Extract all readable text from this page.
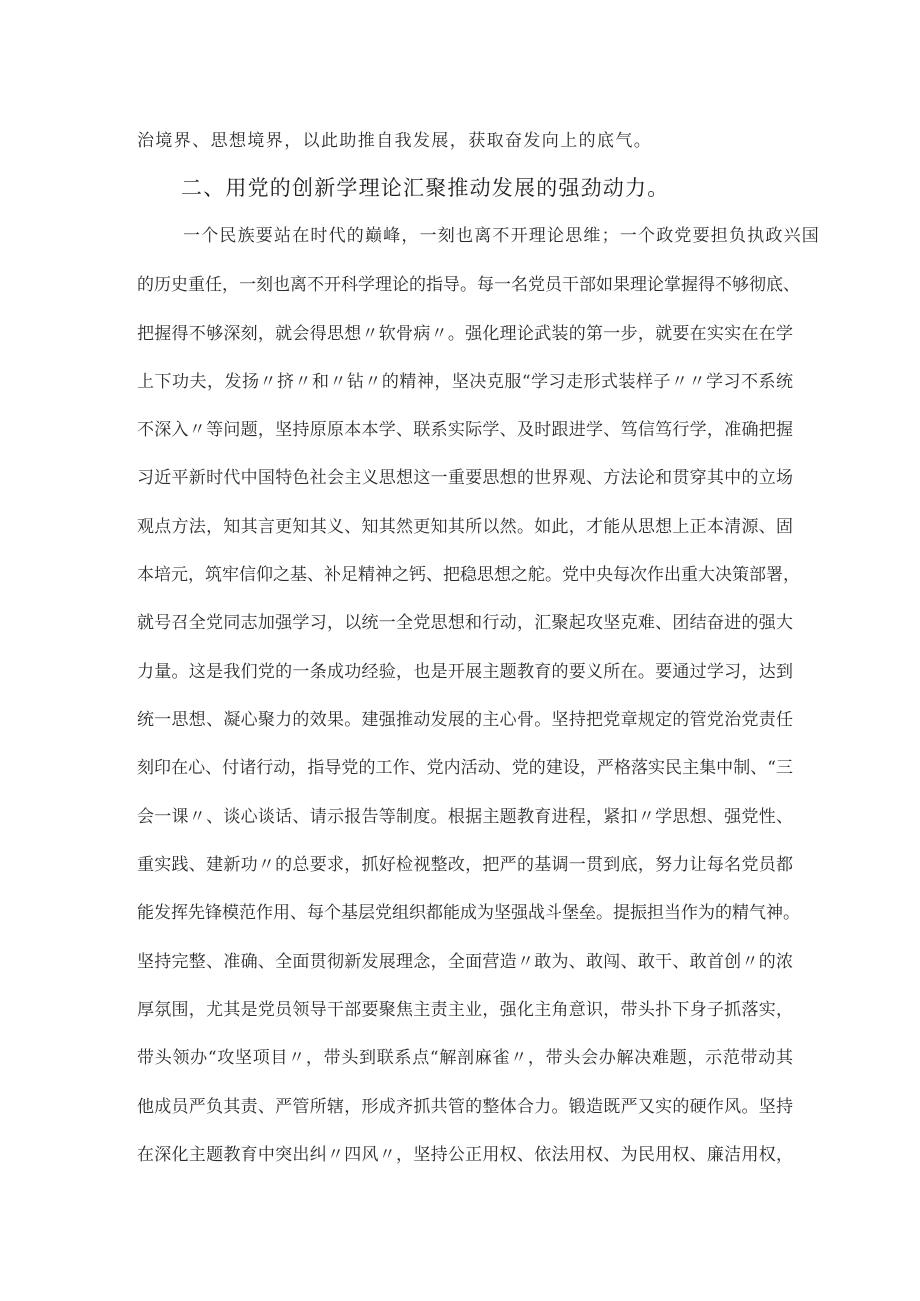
治境界、思想境界，以此助推自我发展，获取奋发向上的底气。
二、用党的创新学理论汇聚推动发展的强劲动力。
一个民族要站在时代的巅峰，一刻也离不开理论思维；一个政党要担负执政兴国
的历史重任，一刻也离不开科学理论的指导。每一名党员干部如果理论掌握得不够彻底、
把握得不够深刻，就会得思想〃软骨病〃。强化理论武装的第一步，就要在实实在在学
上下功夫，发扬〃挤〃和〃钻〃的精神，坚决克服“学习走形式装样子〃〃学习不系统
不深入〃等问题，坚持原原本本学、联系实际学、及时跟进学、笃信笃行学，准确把握
习近平新时代中国特色社会主义思想这一重要思想的世界观、方法论和贯穿其中的立场
观点方法，知其言更知其义、知其然更知其所以然。如此，才能从思想上正本清源、固
本培元，筑牢信仰之基、补足精神之钙、把稳思想之舵。党中央每次作出重大决策部署，
就号召全党同志加强学习，以统一全党思想和行动，汇聚起攻坚克难、团结奋进的强大
力量。这是我们党的一条成功经验，也是开展主题教育的要义所在。要通过学习，达到
统一思想、凝心聚力的效果。建强推动发展的主心骨。坚持把党章规定的管党治党责任
刻印在心、付诸行动，指导党的工作、党内活动、党的建设，严格落实民主集中制、“三
会一课〃、谈心谈话、请示报告等制度。根据主题教育进程，紧扣〃学思想、强党性、
重实践、建新功〃的总要求，抓好检视整改，把严的基调一贯到底，努力让每名党员都
能发挥先锋模范作用、每个基层党组织都能成为坚强战斗堡垒。提振担当作为的精气神。
坚持完整、准确、全面贯彻新发展理念，全面营造〃敢为、敢闯、敢干、敢首创〃的浓
厚氛围，尤其是党员领导干部要聚焦主责主业，强化主角意识，带头扑下身子抓落实，
带头领办“攻坚项目〃，带头到联系点“解剖麻雀〃，带头会办解决难题，示范带动其
他成员严负其责、严管所辖，形成齐抓共管的整体合力。锻造既严又实的硬作风。坚持
在深化主题教育中突出纠〃四风〃，坚持公正用权、依法用权、为民用权、廉洁用权，
